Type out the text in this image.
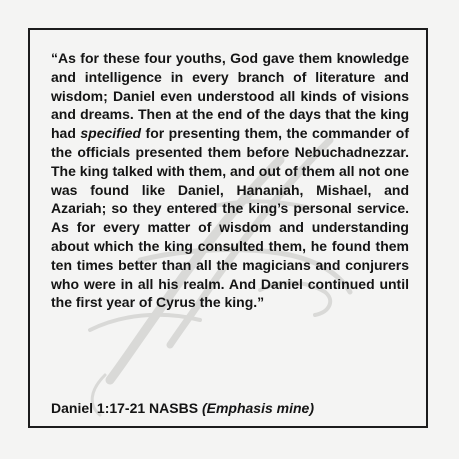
“As for these four youths, God gave them knowledge and intelligence in every branch of literature and wisdom; Daniel even understood all kinds of visions and dreams. Then at the end of the days that the king had specified for presenting them, the commander of the officials presented them before Nebuchadnezzar. The king talked with them, and out of them all not one was found like Daniel, Hananiah, Mishael, and Azariah; so they entered the king’s personal service. As for every matter of wisdom and understanding about which the king consulted them, he found them ten times better than all the magicians and conjurers who were in all his realm. And Daniel continued until the first year of Cyrus the king.”

Daniel 1:17-21 NASBS (Emphasis mine)
